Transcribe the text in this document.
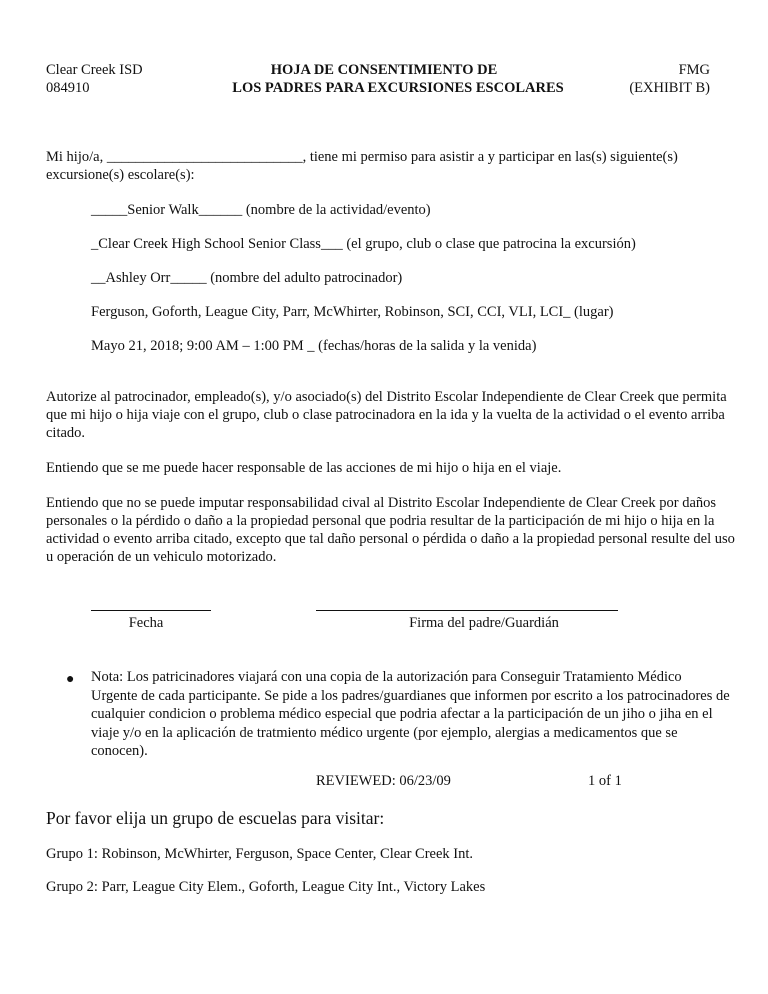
Clear Creek ISD
084910
HOJA DE CONSENTIMIENTO DE
LOS PADRES PARA EXCURSIONES ESCOLARES
FMG
(EXHIBIT B)
Mi hijo/a, ___________________________, tiene mi permiso para asistir a y participar en las(s) siguiente(s)
excursione(s) escolare(s):
_____Senior Walk______ (nombre de la actividad/evento)
_Clear Creek High School Senior Class___ (el grupo, club o clase que patrocina la excursión)
__Ashley Orr_____ (nombre del adulto patrocinador)
Ferguson, Goforth, League City, Parr, McWhirter, Robinson, SCI, CCI, VLI, LCI_ (lugar)
Mayo 21, 2018; 9:00 AM – 1:00 PM _ (fechas/horas de la salida y la venida)
Autorize al patrocinador, empleado(s), y/o asociado(s) del Distrito Escolar Independiente de Clear Creek que permita que mi hijo o hija viaje con el grupo, club o clase patrocinadora en la ida y la vuelta de la actividad o el evento arriba citado.
Entiendo que se me puede hacer responsable de las acciones de mi hijo o hija en el viaje.
Entiendo que no se puede imputar responsabilidad cival al Distrito Escolar Independiente de Clear Creek por daños personales o la pérdido o daño a la propiedad personal que podria resultar de la participación de mi hijo o hija en la actividad o evento arriba citado, excepto que tal daño personal o pérdida o daño a la propiedad personal resulte del uso u operación de un vehiculo motorizado.
Fecha	Firma del padre/Guardián
● Nota: Los patricinadores viajará con una copia de la autorización para Conseguir Tratamiento Médico Urgente de cada participante. Se pide a los padres/guardianes que informen por escrito a los patrocinadores de cualquier condicion o problema médico especial que podria afectar a la participación de un jiho o jiha en el viaje y/o en la aplicación de tratmiento médico urgente (por ejemplo, alergias a medicamentos que se conocen).
REVIEWED: 06/23/09	1 of 1
Por favor elija un grupo de escuelas para visitar:
Grupo 1: Robinson, McWhirter, Ferguson, Space Center, Clear Creek Int.
Grupo 2: Parr, League City Elem., Goforth, League City Int., Victory Lakes
